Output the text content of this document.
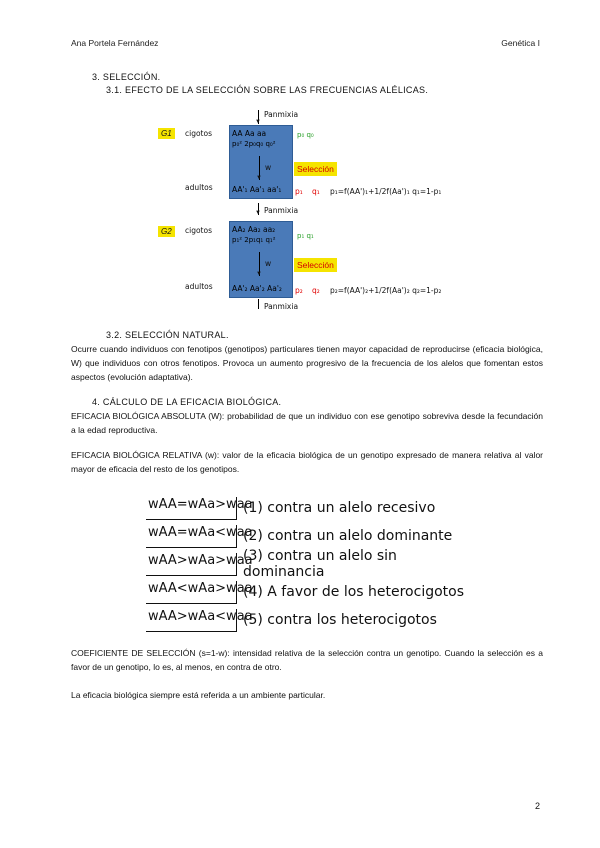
Ana Portela Fernández	Genética I
3. SELECCIÓN.
3.1. EFECTO DE LA SELECCIÓN SOBRE LAS FRECUENCIAS ALÉLICAS.
▼
Panmixia
G1	cigotos	AA Aa aa
p₀² 2p₀q₀ q₀²
p₀ q₀
▼
w	Selección
adultos	AA'₁ Aa'₁ aa'₁ p₁ q₁ p₁=f(AA')₁+1/2f(Aa')₁ q₁=1-p₁
▼ Panmixia
G2	cigotos	AA₂ Aa₂ aa₂
p₁² 2p₁q₁ q₁²	p₁ q₁
▼
w	Selección
adultos	AA'₂ Aa'₂ Aa'₂ p₂ q₂ p₂=f(AA')₂+1/2f(Aa')₂ q₂=1-p₂
Panmixia
3.2. SELECCIÓN NATURAL.
Ocurre cuando individuos con fenotipos (genotipos) particulares tienen mayor capacidad de reproducirse (eficacia biológica, W) que individuos con otros fenotipos. Provoca un aumento progresivo de la frecuencia de los alelos que fomentan estos aspectos (evolución adaptativa).
4. CÁLCULO DE LA EFICACIA BIOLÓGICA.
EFICACIA BIOLÓGICA ABSOLUTA (W): probabilidad de que un individuo con ese genotipo sobreviva desde la fecundación a la edad reproductiva.
EFICACIA BIOLÓGICA RELATIVA (w): valor de la eficacia biológica de un genotipo expresado de manera relativa al valor mayor de eficacia del resto de los genotipos.
wAA=wAa>waa
(1) contra un alelo recesivo
wAA=wAa<waa
(2) contra un alelo dominante
wAA>wAa>waa
(3) contra un alelo sin dominancia
wAA<wAa>waa
(4) A favor de los heterocigotos
wAA>wAa<waa
(5) contra los heterocigotos
COEFICIENTE DE SELECCIÓN (s=1-w): intensidad relativa de la selección contra un genotipo. Cuando la selección es a favor de un genotipo, lo es, al menos, en contra de otro.
La eficacia biológica siempre está referida a un ambiente particular.
2
